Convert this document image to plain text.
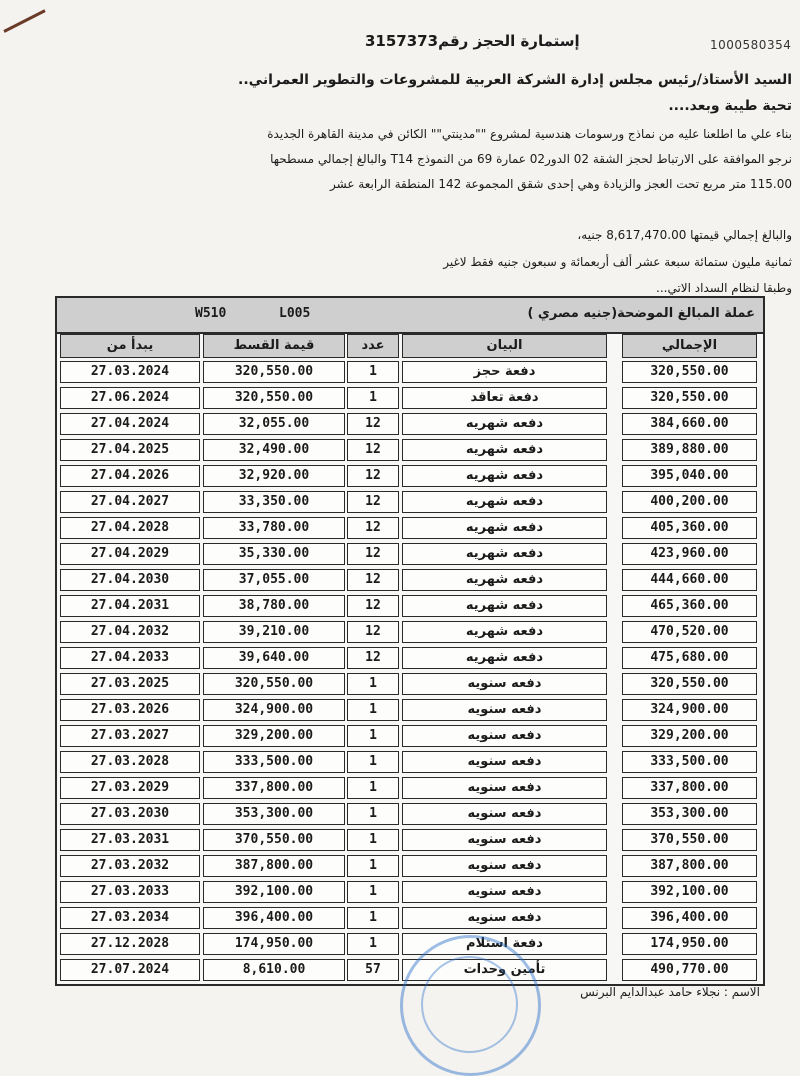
1000580354
إستمارة الحجز رقم3157373
السيد الأستاذ/رئيس مجلس إدارة الشركة العربية للمشروعات والتطوير العمراني..
تحية طيبة وبعد....
بناء علي ما اطلعنا عليه من نماذج ورسومات هندسية لمشروع ""مدينتي"" الكائن في مدينة القاهرة الجديدة
نرجو الموافقة على الارتباط لحجز الشقة 02 الدور02 عمارة 69 من النموذج T14 والبالغ إجمالي مسطحها
115.00 متر مربع تحت العجز والزيادة وهي إحدى شقق المجموعة 142 المنطقة الرابعة عشر
والبالغ إجمالي قيمتها 8,617,470.00 جنيه،
ثمانية مليون ستمائة سبعة عشر ألف أربعمائة و سبعون جنيه فقط لاغير
وطبقا لنظام السداد الاتي...
عملة المبالغ الموضحة(جنيه مصري )
W510	L005
الإجمالي
البيان
عدد
قيمة القسط
يبدأ من
320,550.00
دفعة حجز
1
320,550.00
27.03.2024
320,550.00
دفعة تعاقد
1
320,550.00
27.06.2024
384,660.00
دفعه شهريه
12
32,055.00
27.04.2024
389,880.00
دفعه شهريه
12
32,490.00
27.04.2025
395,040.00
دفعه شهريه
12
32,920.00
27.04.2026
400,200.00
دفعه شهريه
12
33,350.00
27.04.2027
405,360.00
دفعه شهريه
12
33,780.00
27.04.2028
423,960.00
دفعه شهريه
12
35,330.00
27.04.2029
444,660.00
دفعه شهريه
12
37,055.00
27.04.2030
465,360.00
دفعه شهريه
12
38,780.00
27.04.2031
470,520.00
دفعه شهريه
12
39,210.00
27.04.2032
475,680.00
دفعه شهريه
12
39,640.00
27.04.2033
320,550.00
دفعه سنويه
1
320,550.00
27.03.2025
324,900.00
دفعه سنويه
1
324,900.00
27.03.2026
329,200.00
دفعه سنويه
1
329,200.00
27.03.2027
333,500.00
دفعه سنويه
1
333,500.00
27.03.2028
337,800.00
دفعه سنويه
1
337,800.00
27.03.2029
353,300.00
دفعه سنويه
1
353,300.00
27.03.2030
370,550.00
دفعه سنويه
1
370,550.00
27.03.2031
387,800.00
دفعه سنويه
1
387,800.00
27.03.2032
392,100.00
دفعه سنويه
1
392,100.00
27.03.2033
396,400.00
دفعه سنويه
1
396,400.00
27.03.2034
174,950.00
دفعة استلام
1
174,950.00
27.12.2028
490,770.00
تأمين وحدات
57
8,610.00
27.07.2024
الاسم : نجلاء حامد عبدالدايم البرنس
